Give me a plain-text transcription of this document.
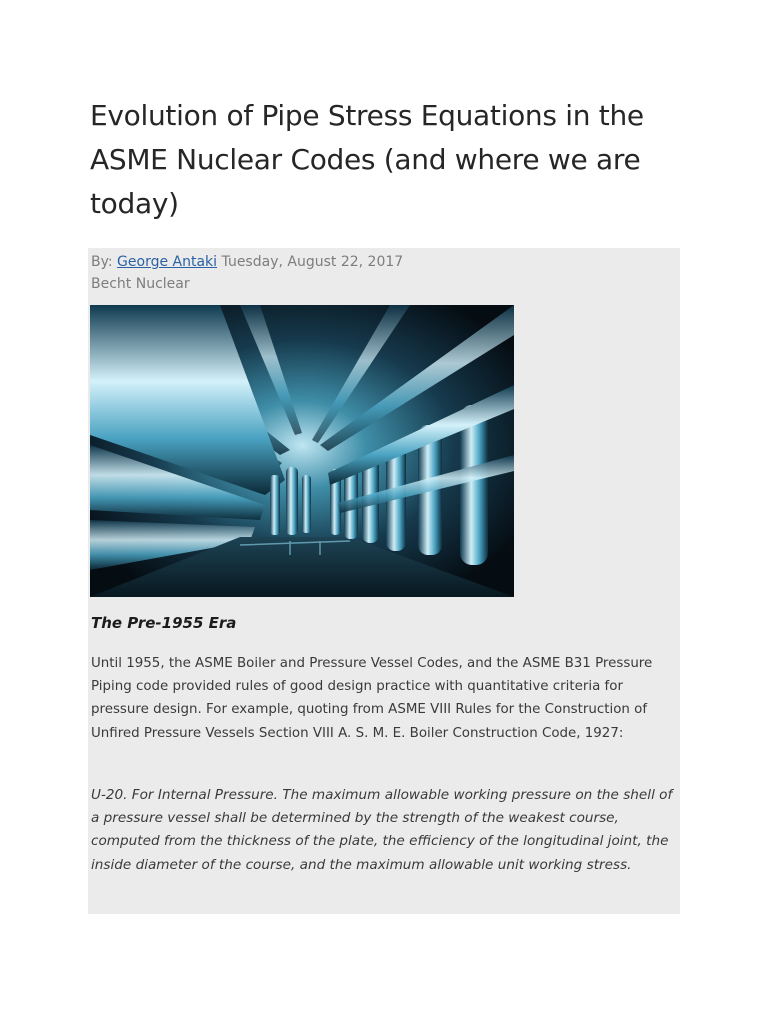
Evolution of Pipe Stress Equations in the ASME Nuclear Codes (and where we are today)
By: George Antaki Tuesday, August 22, 2017
Becht Nuclear
The Pre-1955 Era

Until 1955, the ASME Boiler and Pressure Vessel Codes, and the ASME B31 Pressure Piping code provided rules of good design practice with quantitative criteria for pressure design. For example, quoting from ASME VIII Rules for the Construction of Unfired Pressure Vessels Section VIII A. S. M. E. Boiler Construction Code, 1927:

U-20. For Internal Pressure. The maximum allowable working pressure on the shell of a pressure vessel shall be determined by the strength of the weakest course, computed from the thickness of the plate, the efficiency of the longitudinal joint, the inside diameter of the course, and the maximum allowable unit working stress.
